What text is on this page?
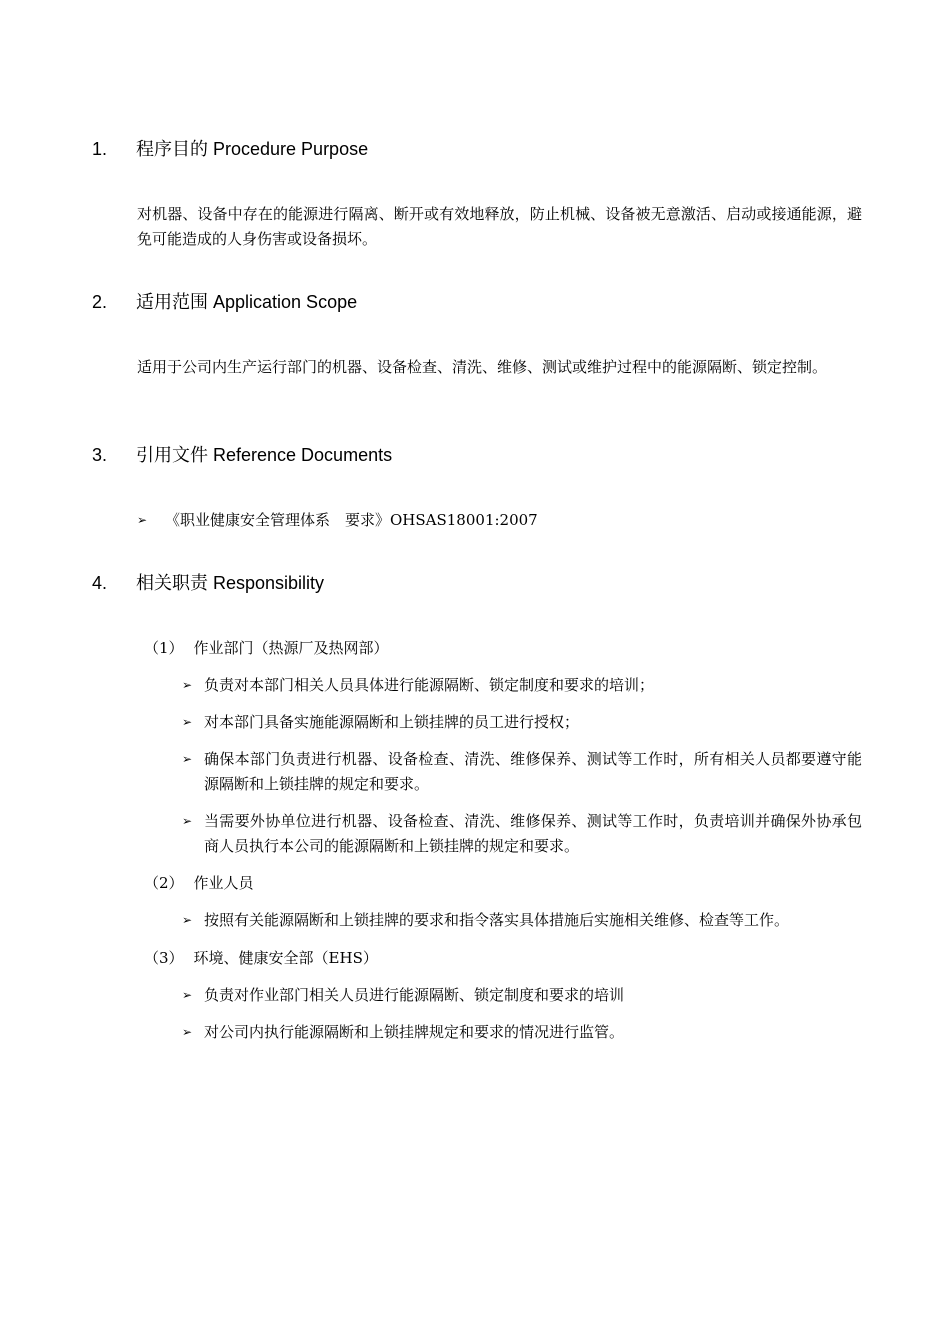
1. 程序目的 Procedure Purpose
对机器、设备中存在的能源进行隔离、断开或有效地释放，防止机械、设备被无意激活、启动或接通能源，避免可能造成的人身伤害或设备损坏。
2. 适用范围 Application Scope
适用于公司内生产运行部门的机器、设备检查、清洗、维修、测试或维护过程中的能源隔断、锁定控制。
3. 引用文件 Reference Documents
➢ 《职业健康安全管理体系　要求》OHSAS18001:2007
4. 相关职责 Responsibility
（1） 作业部门（热源厂及热网部）
➢ 负责对本部门相关人员具体进行能源隔断、锁定制度和要求的培训；
➢ 对本部门具备实施能源隔断和上锁挂牌的员工进行授权；
➢ 确保本部门负责进行机器、设备检查、清洗、维修保养、测试等工作时，所有相关人员都要遵守能源隔断和上锁挂牌的规定和要求。
➢ 当需要外协单位进行机器、设备检查、清洗、维修保养、测试等工作时，负责培训并确保外协承包商人员执行本公司的能源隔断和上锁挂牌的规定和要求。
（2） 作业人员
➢ 按照有关能源隔断和上锁挂牌的要求和指令落实具体措施后实施相关维修、检查等工作。
（3） 环境、健康安全部（EHS）
➢ 负责对作业部门相关人员进行能源隔断、锁定制度和要求的培训
➢ 对公司内执行能源隔断和上锁挂牌规定和要求的情况进行监管。
